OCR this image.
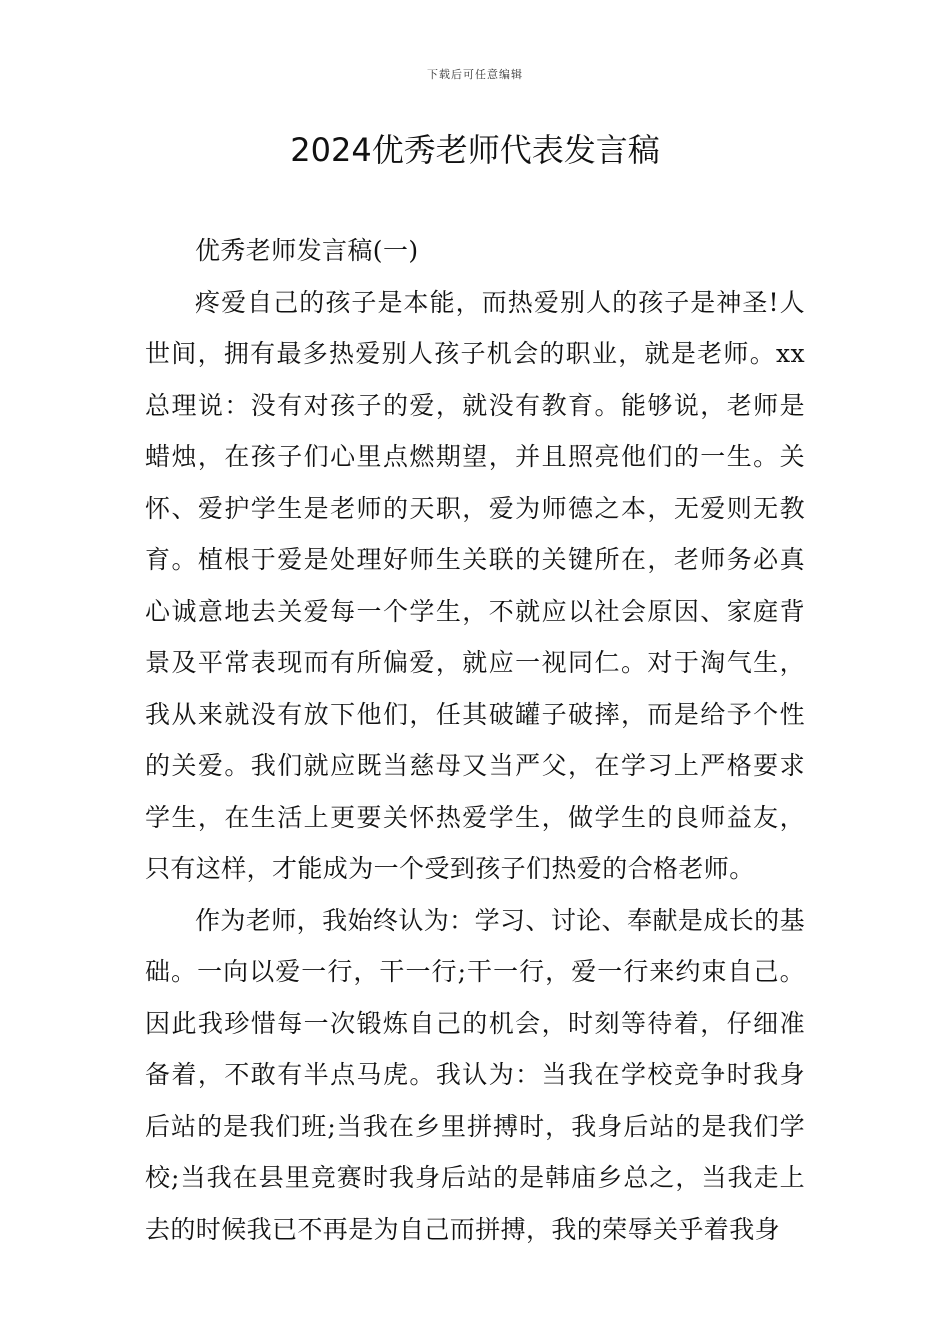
下载后可任意编辑
2024优秀老师代表发言稿

优秀老师发言稿(一)

疼爱自己的孩子是本能，而热爱别人的孩子是神圣!人世间，拥有最多热爱别人孩子机会的职业，就是老师。xx总理说：没有对孩子的爱，就没有教育。能够说，老师是蜡烛，在孩子们心里点燃期望，并且照亮他们的一生。关怀、爱护学生是老师的天职，爱为师德之本，无爱则无教育。植根于爱是处理好师生关联的关键所在，老师务必真心诚意地去关爱每一个学生，不就应以社会原因、家庭背景及平常表现而有所偏爱，就应一视同仁。对于淘气生，我从来就没有放下他们，任其破罐子破摔，而是给予个性的关爱。我们就应既当慈母又当严父，在学习上严格要求学生，在生活上更要关怀热爱学生，做学生的良师益友，只有这样，才能成为一个受到孩子们热爱的合格老师。

作为老师，我始终认为：学习、讨论、奉献是成长的基础。一向以爱一行，干一行;干一行，爱一行来约束自己。因此我珍惜每一次锻炼自己的机会，时刻等待着，仔细准备着，不敢有半点马虎。我认为：当我在学校竞争时我身后站的是我们班;当我在乡里拼搏时，我身后站的是我们学校;当我在县里竞赛时我身后站的是韩庙乡总之，当我走上去的时候我已不再是为自己而拼搏，我的荣辱关乎着我身
